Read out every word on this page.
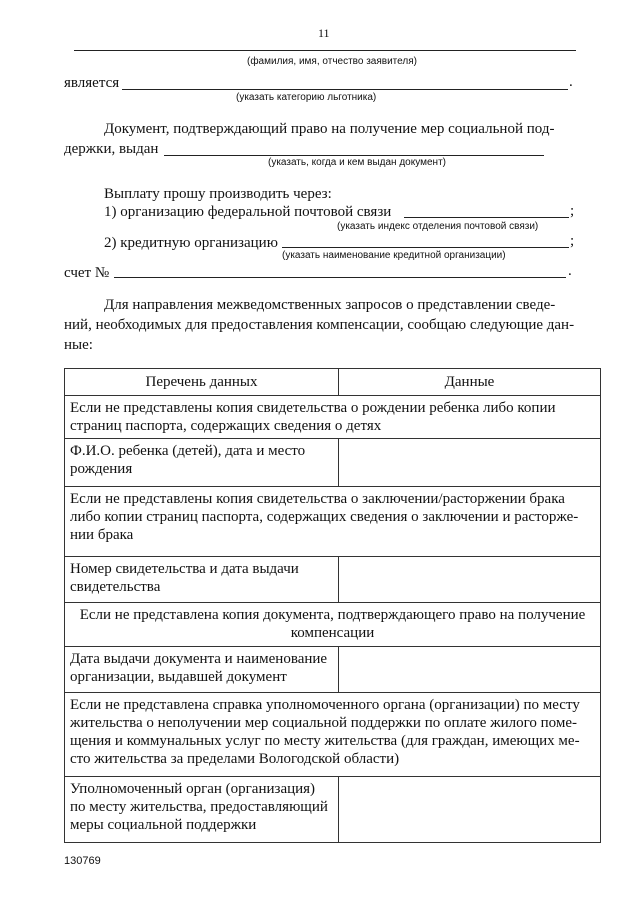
11
(фамилия, имя, отчество заявителя)
является	.
(указать категорию льготника)
Документ, подтверждающий право на получение мер социальной под-
держки, выдан
(указать, когда и кем выдан документ)
Выплату прошу производить через:
1) организацию федеральной почтовой связи	;
(указать индекс отделения почтовой связи)
2) кредитную организацию	;
(указать наименование кредитной организации)
счет №	.
Для направления межведомственных запросов о представлении сведе-
ний, необходимых для предоставления компенсации, сообщаю следующие дан-
ные:
Перечень данных	Данные
Если не представлены копия свидетельства о рождении ребенка либо копии страниц паспорта, содержащих сведения о детях	
Ф.И.О. ребенка (детей), дата и место рождения	
Если не представлены копия свидетельства о заключении/расторжении брака либо копии страниц паспорта, содержащих сведения о заключении и расторже-нии брака	
Номер свидетельства и дата выдачи свидетельства	
Если не представлена копия документа, подтверждающего право на получение компенсации	
Дата выдачи документа и наименование организации, выдавшей документ	
Если не представлена справка уполномоченного органа (организации) по месту жительства о неполучении мер социальной поддержки по оплате жилого поме-щения и коммунальных услуг по месту жительства (для граждан, имеющих ме-сто жительства за пределами Вологодской области)	
Уполномоченный орган (организация) по месту жительства, предоставляющий меры социальной поддержки	
130769
